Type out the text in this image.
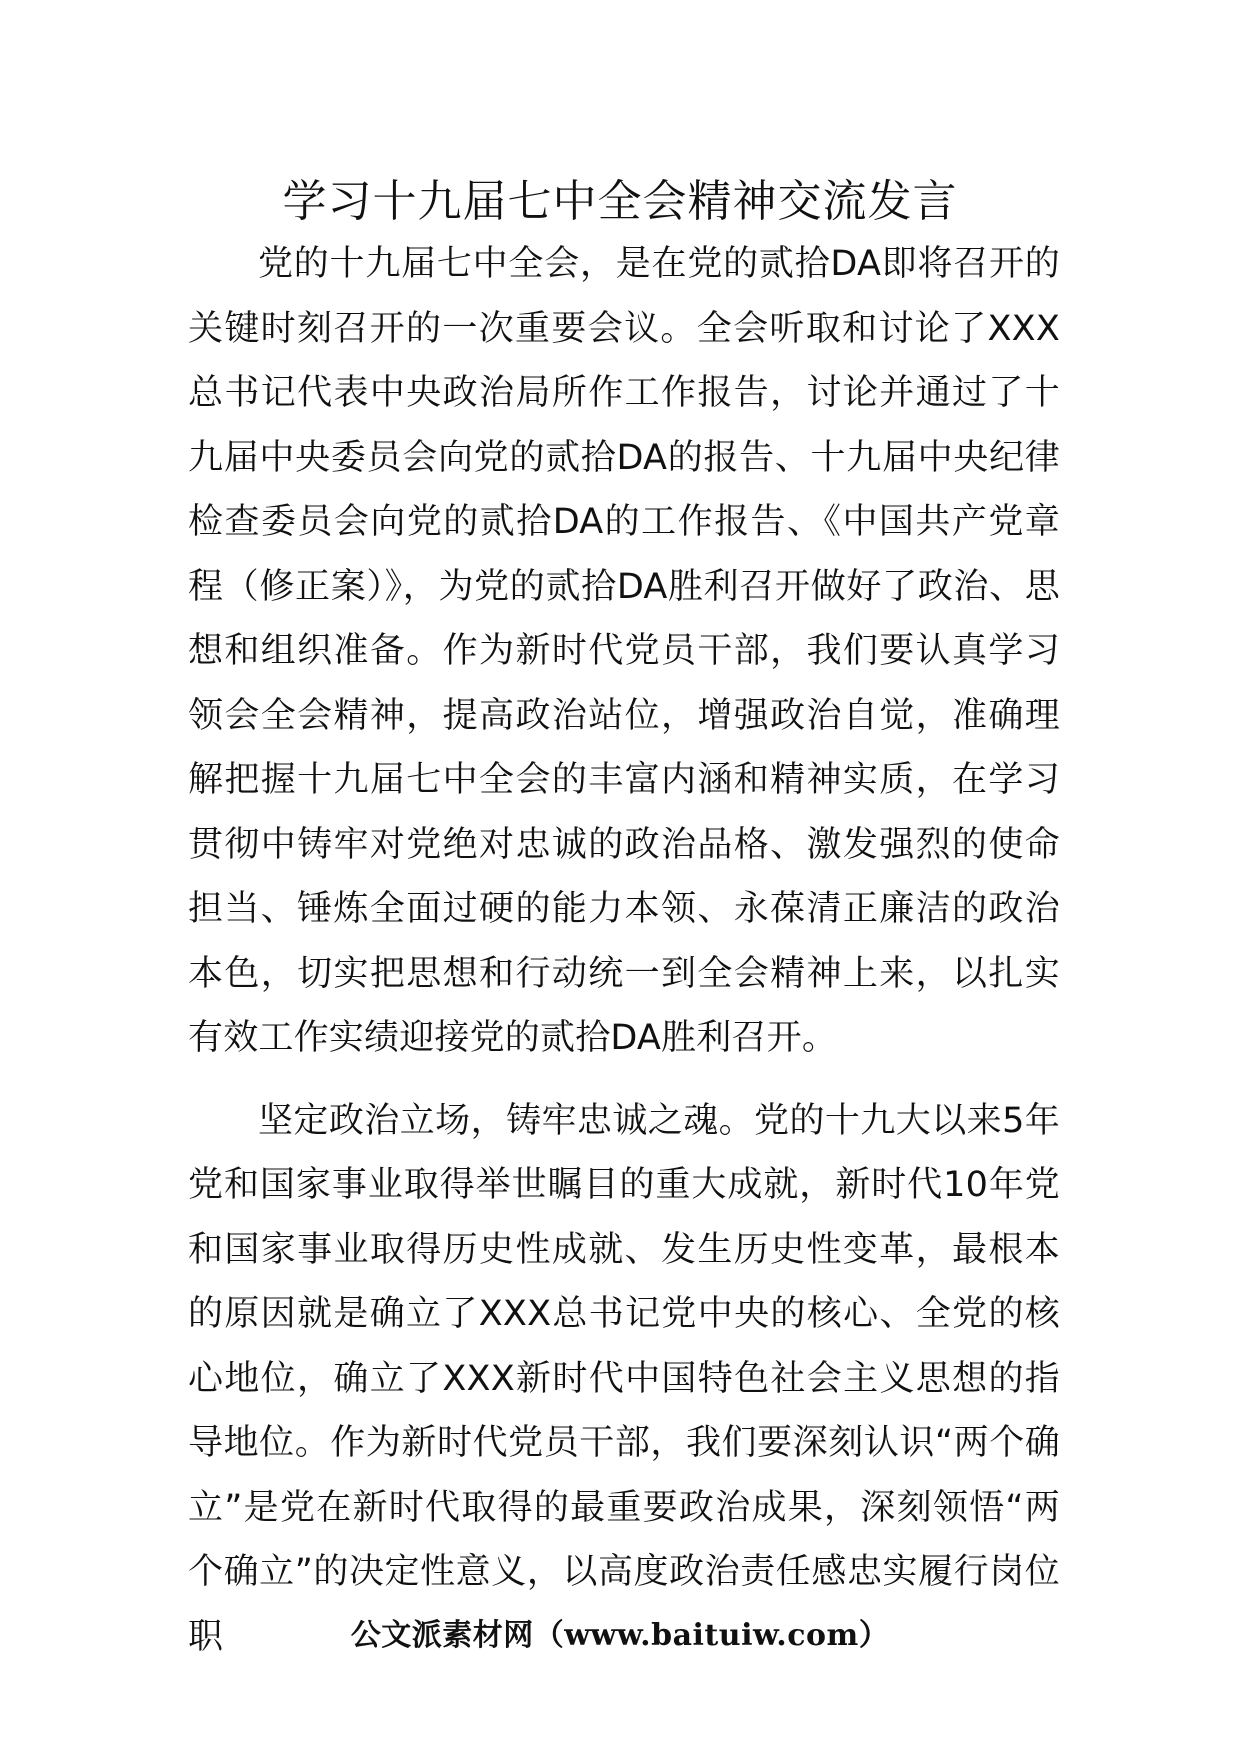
学习十九届七中全会精神交流发言

党的十九届七中全会，是在党的贰拾DA即将召开的关键时刻召开的一次重要会议。全会听取和讨论了XXX总书记代表中央政治局所作工作报告，讨论并通过了十九届中央委员会向党的贰拾DA的报告、十九届中央纪律检查委员会向党的贰拾DA的工作报告、《中国共产党章程（修正案）》，为党的贰拾DA胜利召开做好了政治、思想和组织准备。作为新时代党员干部，我们要认真学习领会全会精神，提高政治站位，增强政治自觉，准确理解把握十九届七中全会的丰富内涵和精神实质，在学习贯彻中铸牢对党绝对忠诚的政治品格、激发强烈的使命担当、锤炼全面过硬的能力本领、永葆清正廉洁的政治本色，切实把思想和行动统一到全会精神上来，以扎实有效工作实绩迎接党的贰拾DA胜利召开。

坚定政治立场，铸牢忠诚之魂。党的十九大以来5年党和国家事业取得举世瞩目的重大成就，新时代10年党和国家事业取得历史性成就、发生历史性变革，最根本的原因就是确立了XXX总书记党中央的核心、全党的核心地位，确立了XXX新时代中国特色社会主义思想的指导地位。作为新时代党员干部，我们要深刻认识“两个确立”是党在新时代取得的最重要政治成果，深刻领悟“两个确立”的决定性意义，以高度政治责任感忠实履行岗位职	公文派素材网（www.baituiw.com）
